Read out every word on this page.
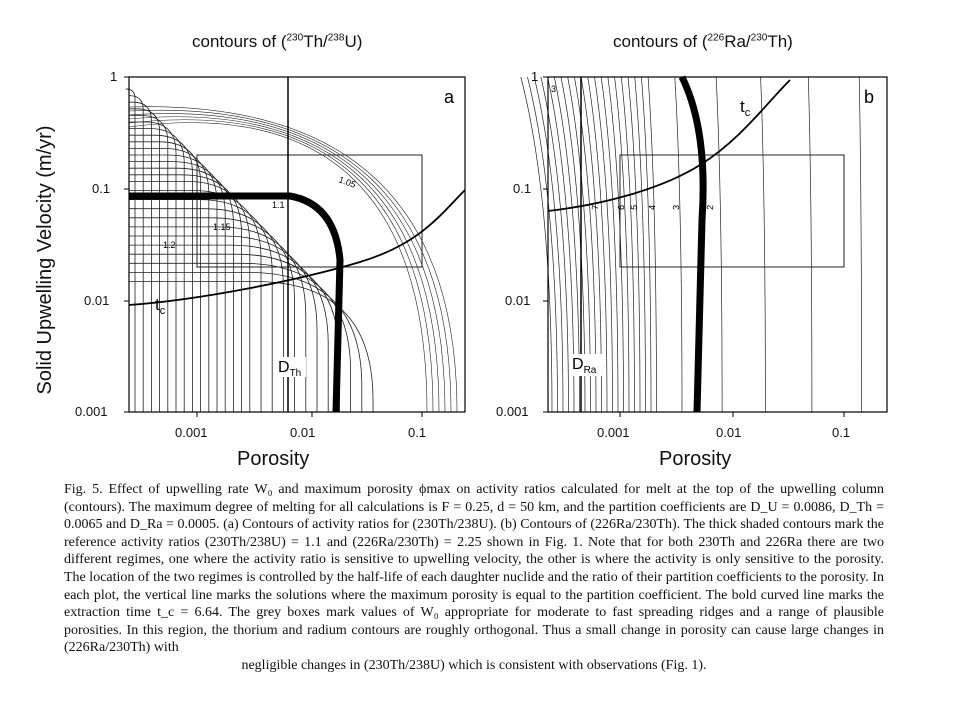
contours of ($^{230}$Th/$^{238}$U)	contours of ($^{226}$Ra/$^{230}$Th)
Solid Upwelling Velocity (m/yr)
a
1.05
1.1
1.15
1.2
$t_c$
$D_{Th}$
b
3
2
3
4
5
6
7
$t_c$
$D_{Ra}$
1
0.1
0.01
0.001
1
0.1
0.01
0.001
0.001	0.01	0.1	0.001	0.01	0.1
Porosity	Porosity
Fig. 5. Effect of upwelling rate W₀ and maximum porosity ϕmax on activity ratios calculated for melt at the top of the upwelling column (contours). The maximum degree of melting for all calculations is F = 0.25, d = 50 km, and the partition coefficients are D_U = 0.0086, D_Th = 0.0065 and D_Ra = 0.0005. (a) Contours of activity ratios for (230Th/238U). (b) Contours of (226Ra/230Th). The thick shaded contours mark the reference activity ratios (230Th/238U) = 1.1 and (226Ra/230Th) = 2.25 shown in Fig. 1. Note that for both 230Th and 226Ra there are two different regimes, one where the activity ratio is sensitive to upwelling velocity, the other is where the activity is only sensitive to the porosity. The location of the two regimes is controlled by the half-life of each daughter nuclide and the ratio of their partition coefficients to the porosity. In each plot, the vertical line marks the solutions where the maximum porosity is equal to the partition coefficient. The bold curved line marks the extraction time t_c = 6.64. The grey boxes mark values of W₀ appropriate for moderate to fast spreading ridges and a range of plausible porosities. In this region, the thorium and radium contours are roughly orthogonal. Thus a small change in porosity can cause large changes in (226Ra/230Th) with
negligible changes in (230Th/238U) which is consistent with observations (Fig. 1).
